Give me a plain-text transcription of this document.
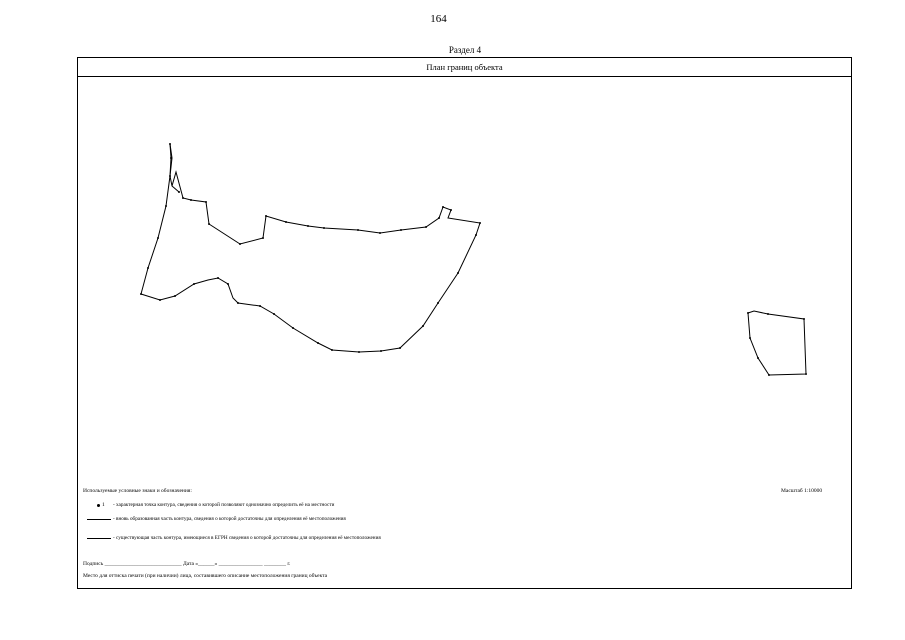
164
Раздел 4
План границ объекта
Используемые условные знаки и обозначения:	Масштаб 1:10000
1 - характерная точка контура, сведения о которой позволяют однозначно определить её на местности
- вновь образованная часть контура, сведения о которой достаточны для определения её местоположения
- существующая часть контура, имеющиеся в ЕГРН сведения о которой достаточны для определения её местоположения
Подпись ____________________________ Дата «______» ________________ ________ г.
Место для оттиска печати (при наличии) лица, составившего описание местоположения границ объекта
